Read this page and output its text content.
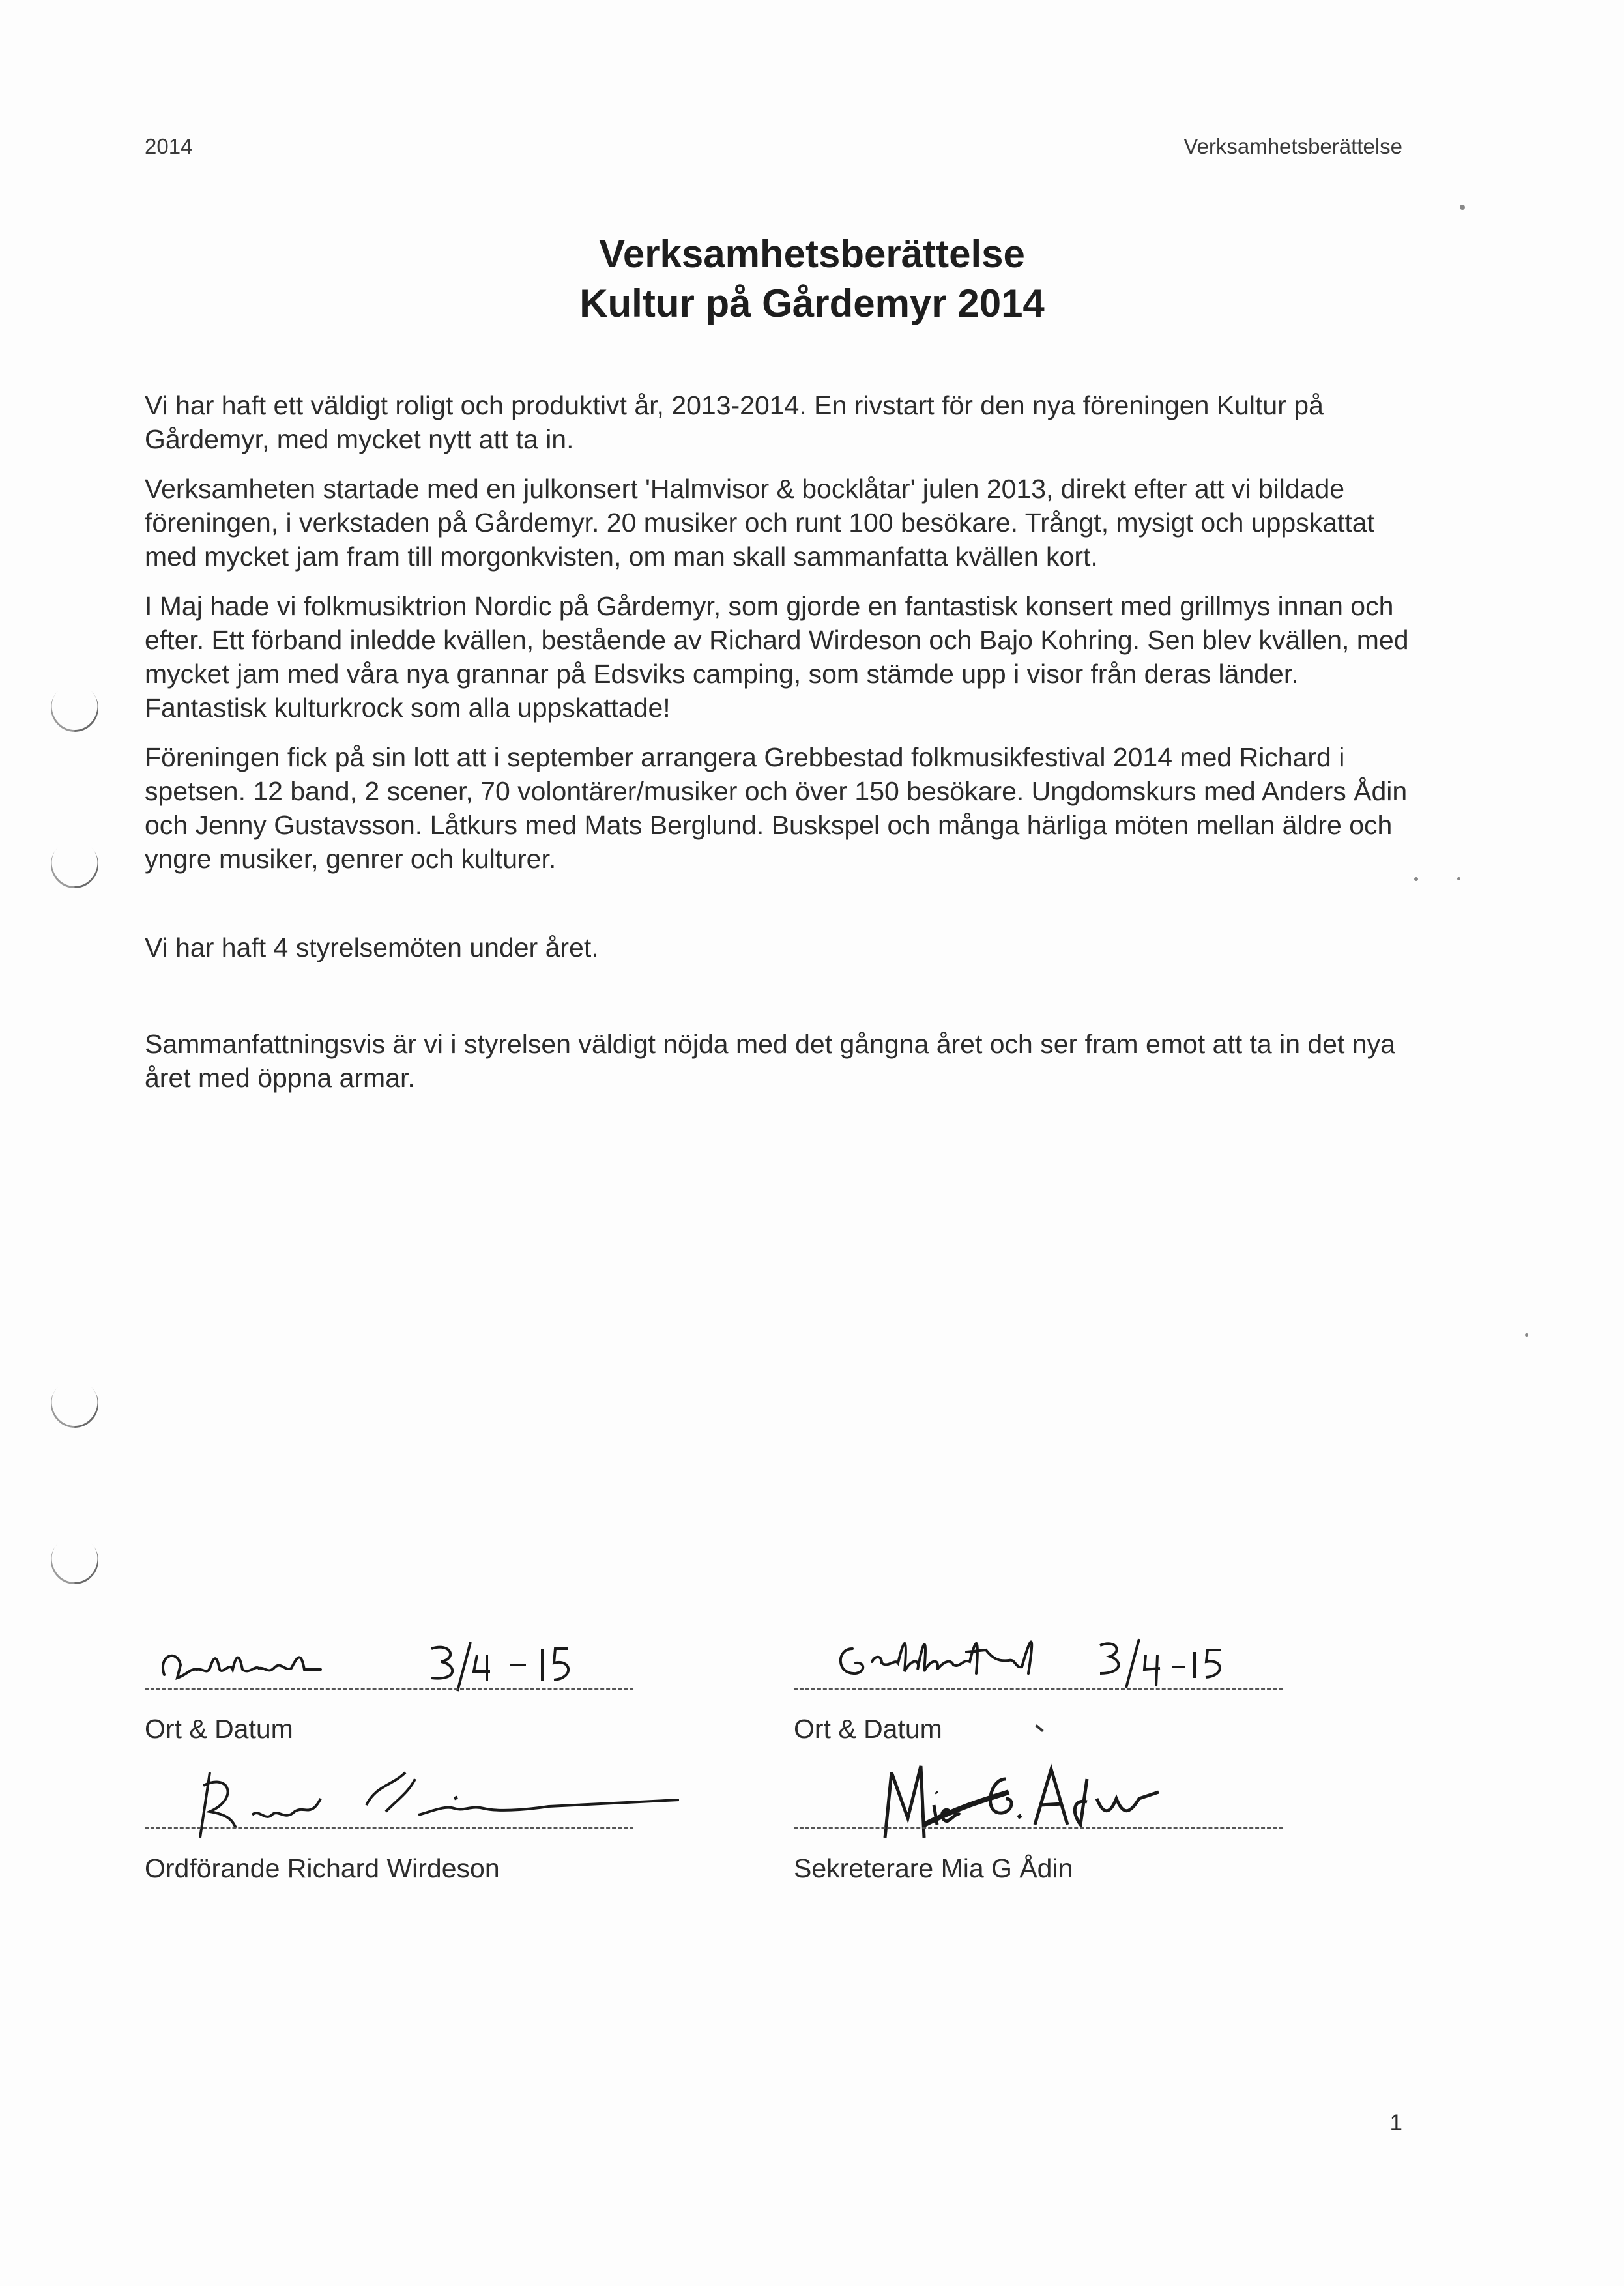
2014	Verksamhetsberättelse
Verksamhetsberättelse
Kultur på Gårdemyr 2014

Vi har haft ett väldigt roligt och produktivt år, 2013-2014. En rivstart för den nya föreningen Kultur på Gårdemyr, med mycket nytt att ta in.

Verksamheten startade med en julkonsert 'Halmvisor & bocklåtar' julen 2013, direkt efter att vi bildade föreningen, i verkstaden på Gårdemyr. 20 musiker och runt 100 besökare. Trångt, mysigt och uppskattat med mycket jam fram till morgonkvisten, om man skall sammanfatta kvällen kort.

I Maj hade vi folkmusiktrion Nordic på Gårdemyr, som gjorde en fantastisk konsert med grillmys innan och efter. Ett förband inledde kvällen, bestående av Richard Wirdeson och Bajo Kohring. Sen blev kvällen, med mycket jam med våra nya grannar på Edsviks camping, som stämde upp i visor från deras länder. Fantastisk kulturkrock som alla uppskattade!

Föreningen fick på sin lott att i september arrangera Grebbestad folkmusikfestival 2014 med Richard i spetsen. 12 band, 2 scener, 70 volontärer/musiker och över 150 besökare. Ungdomskurs med Anders Ådin och Jenny Gustavsson. Låtkurs med Mats Berglund. Buskspel och många härliga möten mellan äldre och yngre musiker, genrer och kulturer.

Vi har haft 4 styrelsemöten under året.

Sammanfattningsvis är vi i styrelsen väldigt nöjda med det gångna året och ser fram emot att ta in det nya året med öppna armar.

Ort & Datum
Ordförande Richard Wirdeson
Ort & Datum
Sekreterare Mia G Ådin
1
